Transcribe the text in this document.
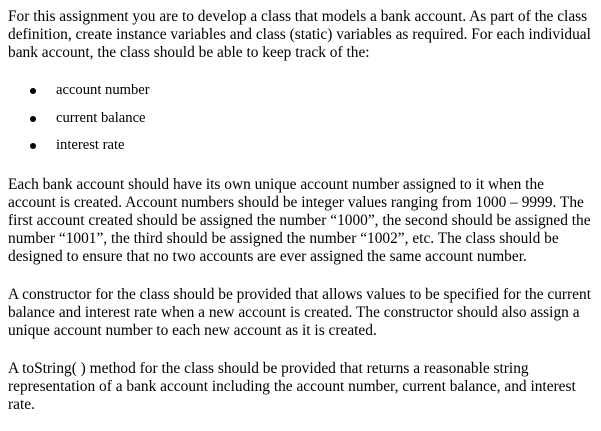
For this assignment you are to develop a class that models a bank account. As part of the class definition, create instance variables and class (static) variables as required. For each individual bank account, the class should be able to keep track of the:

account number
current balance
interest rate

Each bank account should have its own unique account number assigned to it when the account is created. Account numbers should be integer values ranging from 1000 – 9999. The first account created should be assigned the number “1000”, the second should be assigned the number “1001”, the third should be assigned the number “1002”, etc. The class should be designed to ensure that no two accounts are ever assigned the same account number.

A constructor for the class should be provided that allows values to be specified for the current balance and interest rate when a new account is created. The constructor should also assign a unique account number to each new account as it is created.

A toString( ) method for the class should be provided that returns a reasonable string representation of a bank account including the account number, current balance, and interest rate.
